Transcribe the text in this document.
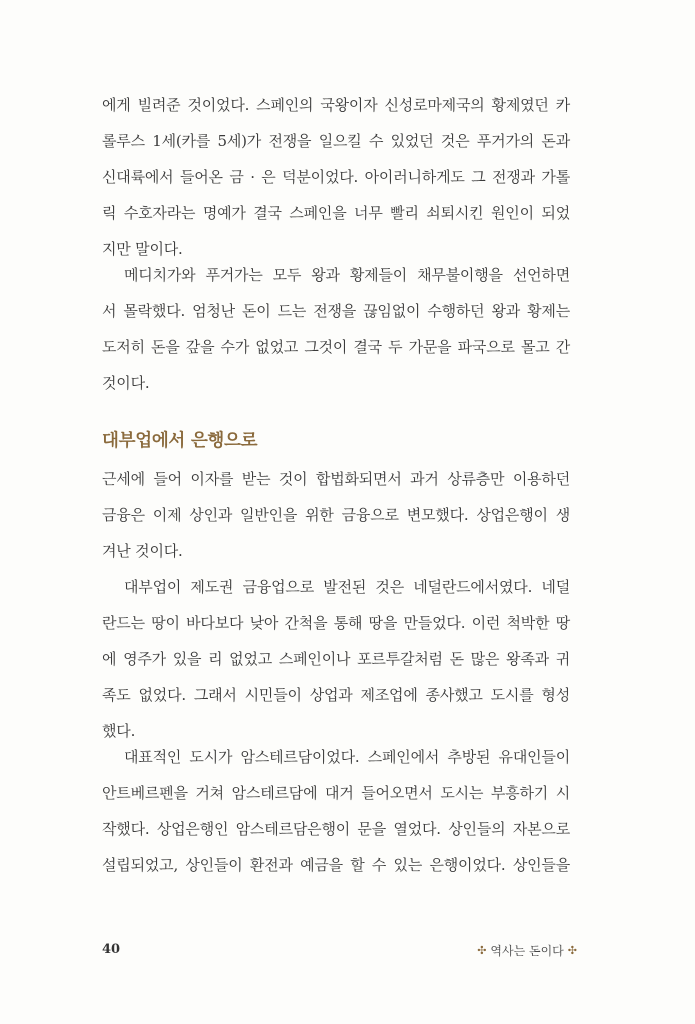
에게 빌려준 것이었다. 스페인의 국왕이자 신성로마제국의 황제였던 카
롤루스 1세(카를 5세)가 전쟁을 일으킬 수 있었던 것은 푸거가의 돈과
신대륙에서 들어온 금 · 은 덕분이었다. 아이러니하게도 그 전쟁과 가톨
릭 수호자라는 명예가 결국 스페인을 너무 빨리 쇠퇴시킨 원인이 되었
지만 말이다.
메디치가와 푸거가는 모두 왕과 황제들이 채무불이행을 선언하면
서 몰락했다. 엄청난 돈이 드는 전쟁을 끊임없이 수행하던 왕과 황제는
도저히 돈을 갚을 수가 없었고 그것이 결국 두 가문을 파국으로 몰고 간
것이다.
대부업에서 은행으로
근세에 들어 이자를 받는 것이 합법화되면서 과거 상류층만 이용하던
금융은 이제 상인과 일반인을 위한 금융으로 변모했다. 상업은행이 생
겨난 것이다.
대부업이 제도권 금융업으로 발전된 것은 네덜란드에서였다. 네덜
란드는 땅이 바다보다 낮아 간척을 통해 땅을 만들었다. 이런 척박한 땅
에 영주가 있을 리 없었고 스페인이나 포르투갈처럼 돈 많은 왕족과 귀
족도 없었다. 그래서 시민들이 상업과 제조업에 종사했고 도시를 형성
했다.
대표적인 도시가 암스테르담이었다. 스페인에서 추방된 유대인들이
안트베르펜을 거쳐 암스테르담에 대거 들어오면서 도시는 부흥하기 시
작했다. 상업은행인 암스테르담은행이 문을 열었다. 상인들의 자본으로
설립되었고, 상인들이 환전과 예금을 할 수 있는 은행이었다. 상인들을
40	✣ 역사는 돈이다 ✣
